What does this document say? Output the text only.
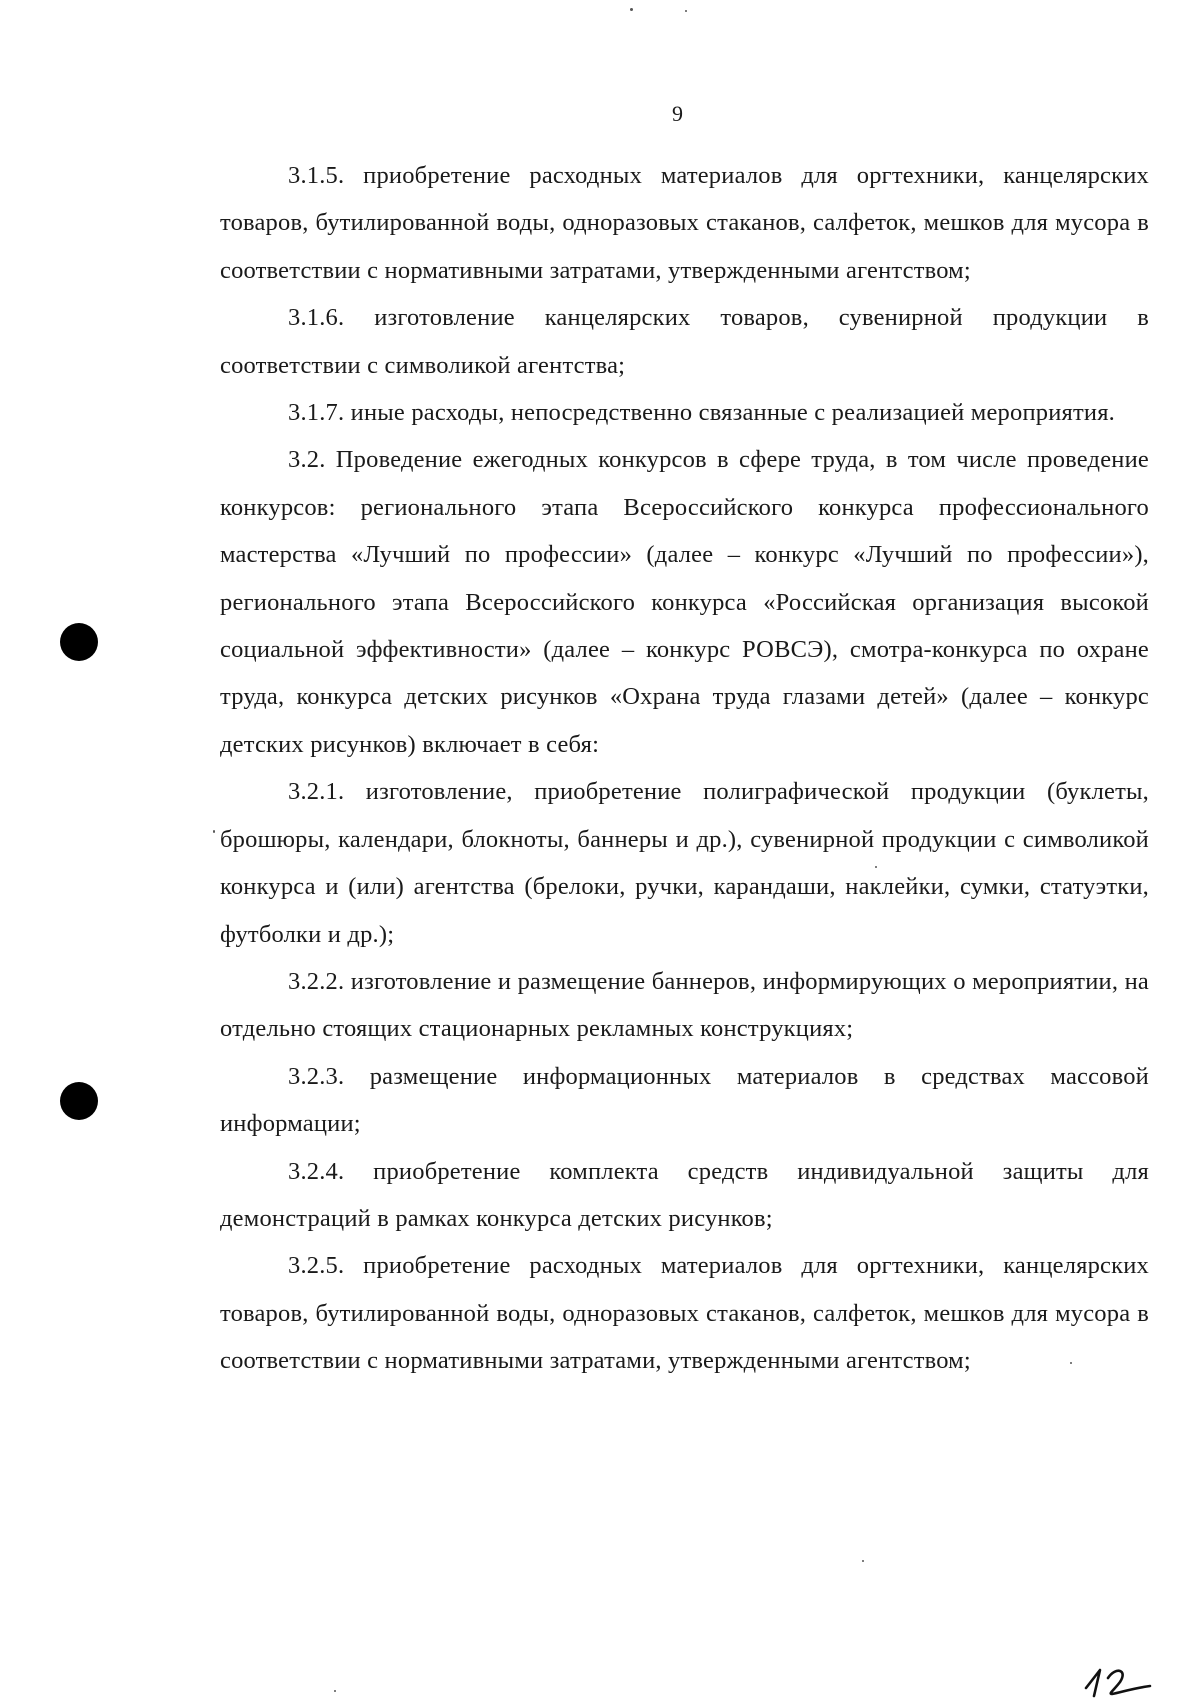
9

3.1.5. приобретение расходных материалов для оргтехники, канцелярских товаров, бутилированной воды, одноразовых стаканов, салфеток, мешков для мусора в соответствии с нормативными затратами, утвержденными агентством;

3.1.6. изготовление канцелярских товаров, сувенирной продукции в соответствии с символикой агентства;

3.1.7. иные расходы, непосредственно связанные с реализацией мероприятия.

3.2. Проведение ежегодных конкурсов в сфере труда, в том числе проведение конкурсов: регионального этапа Всероссийского конкурса профессионального мастерства «Лучший по профессии» (далее – конкурс «Лучший по профессии»), регионального этапа Всероссийского конкурса «Российская организация высокой социальной эффективности» (далее – конкурс РОВСЭ), смотра-конкурса по охране труда, конкурса детских рисунков «Охрана труда глазами детей» (далее – конкурс детских рисунков) включает в себя:

3.2.1. изготовление, приобретение полиграфической продукции (буклеты, брошюры, календари, блокноты, баннеры и др.), сувенирной продукции с символикой конкурса и (или) агентства (брелоки, ручки, карандаши, наклейки, сумки, статуэтки, футболки и др.);

3.2.2. изготовление и размещение баннеров, информирующих о мероприятии, на отдельно стоящих стационарных рекламных конструкциях;

3.2.3. размещение информационных материалов в средствах массовой информации;

3.2.4. приобретение комплекта средств индивидуальной защиты для демонстраций в рамках конкурса детских рисунков;

3.2.5. приобретение расходных материалов для оргтехники, канцелярских товаров, бутилированной воды, одноразовых стаканов, салфеток, мешков для мусора в соответствии с нормативными затратами, утвержденными агентством;
